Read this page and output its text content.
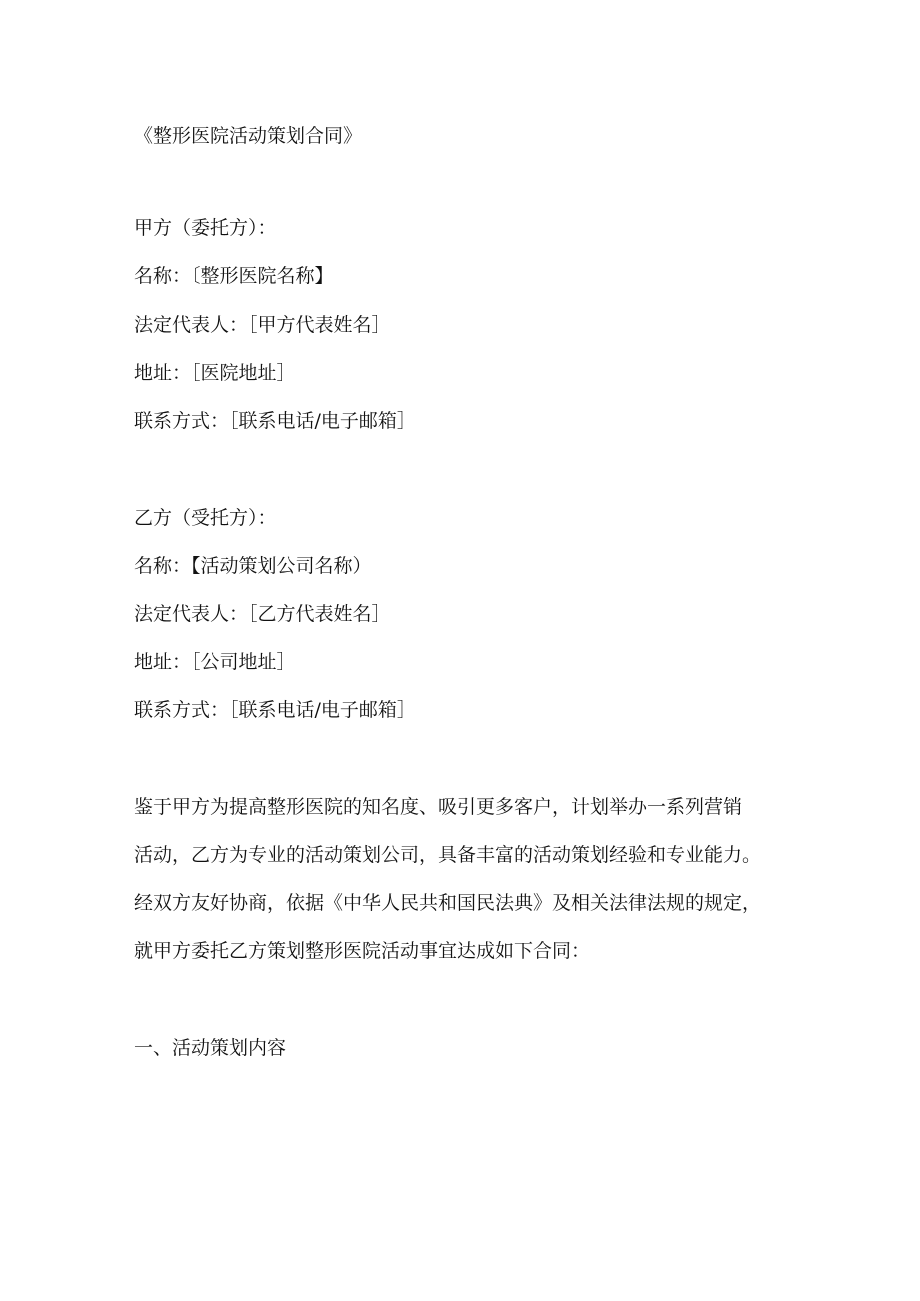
《整形医院活动策划合同》
甲方（委托方）：
名称：〔整形医院名称】
法定代表人：［甲方代表姓名］
地址：［医院地址］
联系方式：［联系电话/电子邮箱］
乙方（受托方）：
名称：【活动策划公司名称）
法定代表人：［乙方代表姓名］
地址：［公司地址］
联系方式：［联系电话/电子邮箱］
鉴于甲方为提高整形医院的知名度、吸引更多客户，计划举办一系列营销
活动，乙方为专业的活动策划公司，具备丰富的活动策划经验和专业能力。
经双方友好协商，依据《中华人民共和国民法典》及相关法律法规的规定，
就甲方委托乙方策划整形医院活动事宜达成如下合同：
一、活动策划内容
